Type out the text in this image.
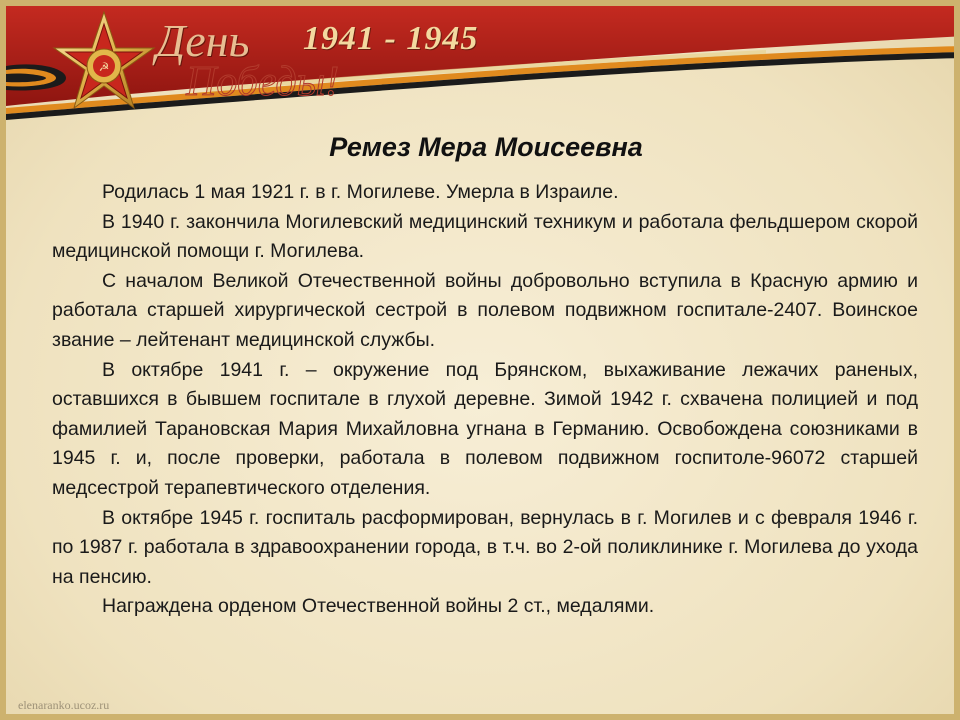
☭
День
Победы!
1941 - 1945
Ремез Мера Моисеевна

Родилась 1 мая 1921 г. в г. Могилеве. Умерла в Израиле.

В 1940 г. закончила Могилевский медицинский техникум и работала фельдшером скорой медицинской помощи г. Могилева.

С началом Великой Отечественной войны добровольно вступила в Красную армию и работала старшей хирургической сестрой в полевом подвижном госпитале-2407. Воинское звание – лейтенант медицинской службы.

В октябре 1941 г. – окружение под Брянском, выхаживание лежачих раненых, оставшихся в бывшем госпитале в глухой деревне. Зимой 1942 г. схвачена полицией и под фамилией Тарановская Мария Михайловна угнана в Германию. Освобождена союзниками в 1945 г. и, после проверки, работала в полевом подвижном госпитоле-96072 старшей медсестрой терапевтического отделения.

В октябре 1945 г. госпиталь расформирован, вернулась в г. Могилев и с февраля 1946 г. по 1987 г. работала в здравоохранении города, в т.ч. во 2-ой поликлинике г. Могилева до ухода на пенсию.

Награждена орденом Отечественной войны 2 ст., медалями.

elenaranko.ucoz.ru
